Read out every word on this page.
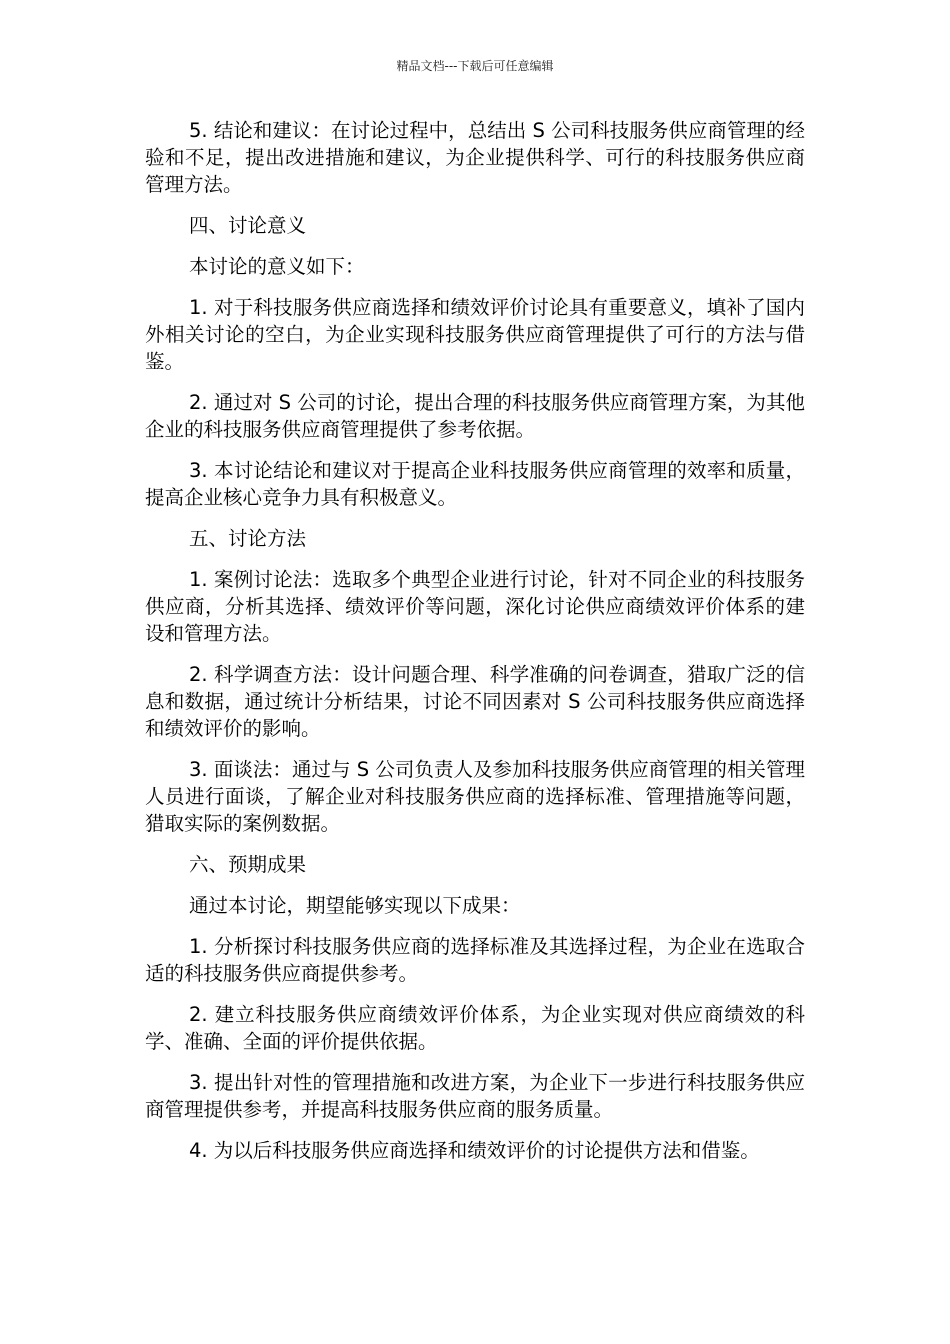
精品文档---下载后可任意编辑

5. 结论和建议：在讨论过程中，总结出 S 公司科技服务供应商管理的经验和不足，提出改进措施和建议，为企业提供科学、可行的科技服务供应商管理方法。

四、讨论意义

本讨论的意义如下：

1. 对于科技服务供应商选择和绩效评价讨论具有重要意义，填补了国内外相关讨论的空白，为企业实现科技服务供应商管理提供了可行的方法与借鉴。

2. 通过对 S 公司的讨论，提出合理的科技服务供应商管理方案，为其他企业的科技服务供应商管理提供了参考依据。

3. 本讨论结论和建议对于提高企业科技服务供应商管理的效率和质量，提高企业核心竞争力具有积极意义。

五、讨论方法

1. 案例讨论法：选取多个典型企业进行讨论，针对不同企业的科技服务供应商，分析其选择、绩效评价等问题，深化讨论供应商绩效评价体系的建设和管理方法。

2. 科学调查方法：设计问题合理、科学准确的问卷调查，猎取广泛的信息和数据，通过统计分析结果，讨论不同因素对 S 公司科技服务供应商选择和绩效评价的影响。

3. 面谈法：通过与 S 公司负责人及参加科技服务供应商管理的相关管理人员进行面谈，了解企业对科技服务供应商的选择标准、管理措施等问题，猎取实际的案例数据。

六、预期成果

通过本讨论，期望能够实现以下成果：

1. 分析探讨科技服务供应商的选择标准及其选择过程，为企业在选取合适的科技服务供应商提供参考。

2. 建立科技服务供应商绩效评价体系，为企业实现对供应商绩效的科学、准确、全面的评价提供依据。

3. 提出针对性的管理措施和改进方案，为企业下一步进行科技服务供应商管理提供参考，并提高科技服务供应商的服务质量。

4. 为以后科技服务供应商选择和绩效评价的讨论提供方法和借鉴。
